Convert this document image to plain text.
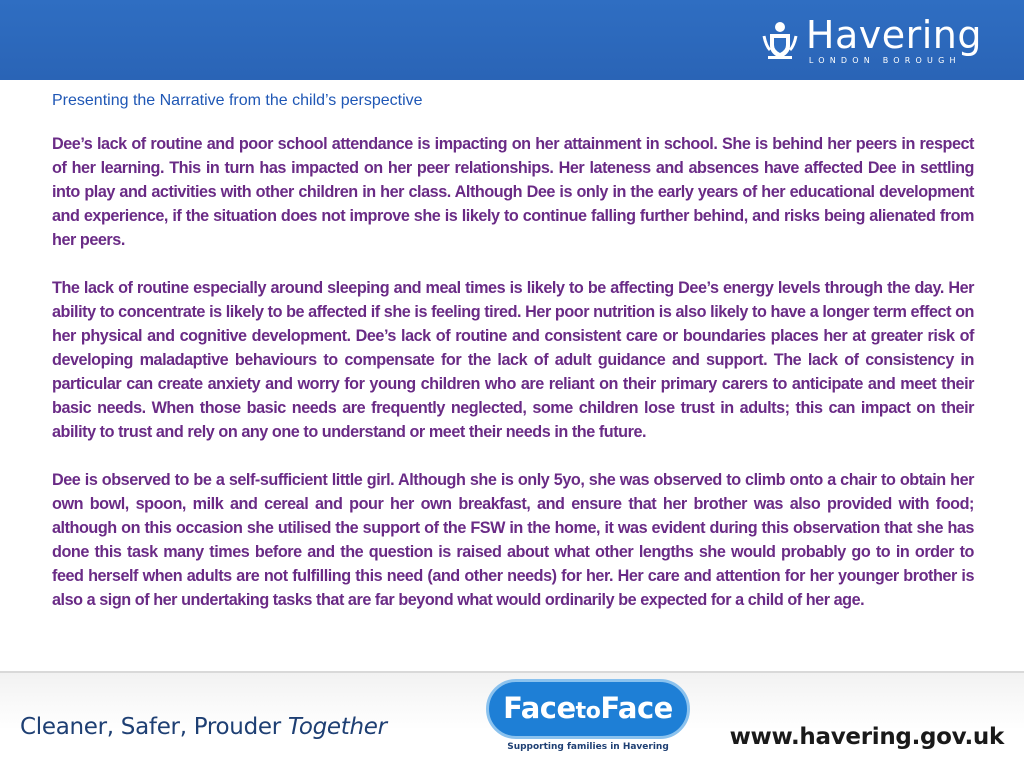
Havering
LONDON BOROUGH
Presenting the Narrative from the child’s perspective

Dee’s lack of routine and poor school attendance is impacting on her attainment in school. She is behind her peers in respect of her learning. This in turn has impacted on her peer relationships. Her lateness and absences have affected Dee in settling into play and activities with other children in her class. Although Dee is only in the early years of her educational development and experience, if the situation does not improve she is likely to continue falling further behind, and risks being alienated from her peers.

The lack of routine especially around sleeping and meal times is likely to be affecting Dee’s energy levels through the day. Her ability to concentrate is likely to be affected if she is feeling tired. Her poor nutrition is also likely to have a longer term effect on her physical and cognitive development. Dee’s lack of routine and consistent care or boundaries places her at greater risk of developing maladaptive behaviours to compensate for the lack of adult guidance and support. The lack of consistency in particular can create anxiety and worry for young children who are reliant on their primary carers to anticipate and meet their basic needs. When those basic needs are frequently neglected, some children lose trust in adults; this can impact on their ability to trust and rely on any one to understand or meet their needs in the future.

Dee is observed to be a self-sufficient little girl. Although she is only 5yo, she was observed to climb onto a chair to obtain her own bowl, spoon, milk and cereal and pour her own breakfast, and ensure that her brother was also provided with food; although on this occasion she utilised the support of the FSW in the home, it was evident during this observation that she has done this task many times before and the question is raised about what other lengths she would probably go to in order to feed herself when adults are not fulfilling this need (and other needs) for her. Her care and attention for her younger brother is also a sign of her undertaking tasks that are far beyond what would ordinarily be expected for a child of her age.

Cleaner, Safer, Prouder Together
FacetoFace
Supporting families in Havering	www.havering.gov.uk
